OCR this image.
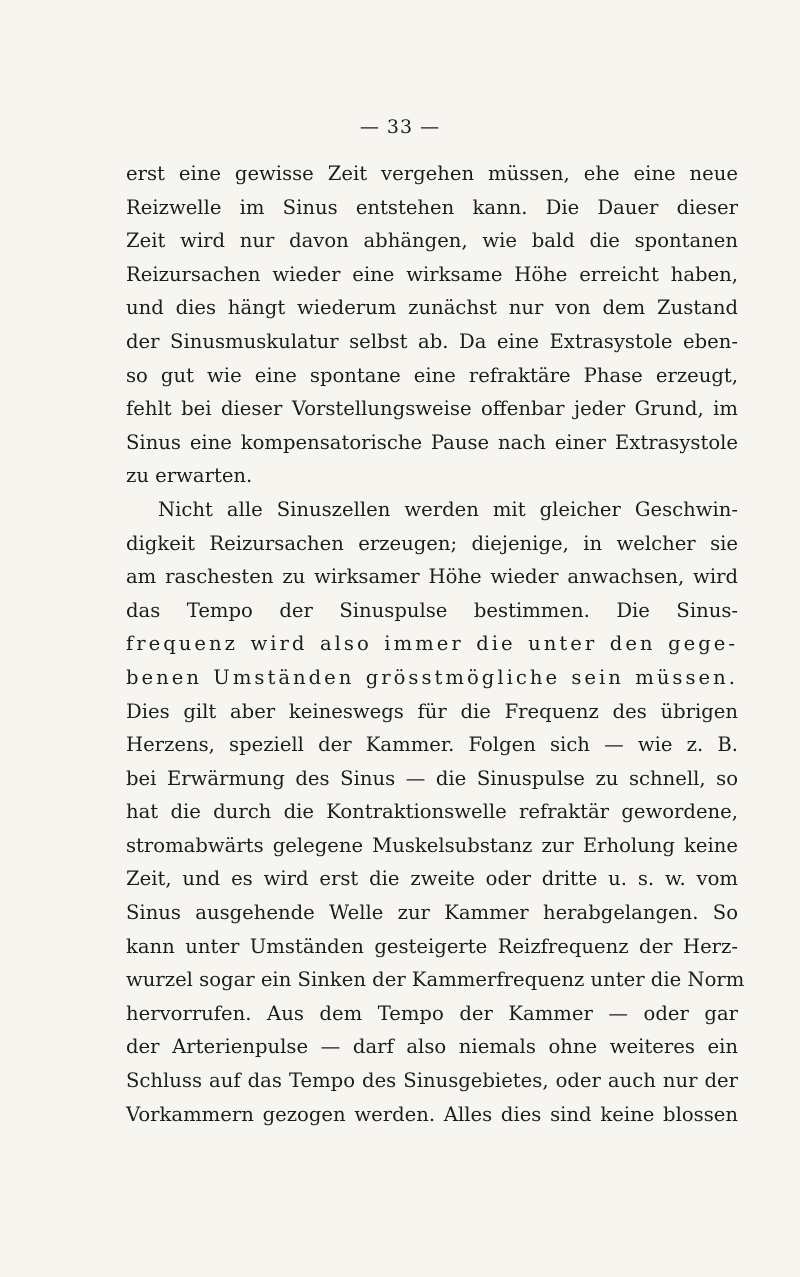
— 33 —
erst eine gewisse Zeit vergehen müssen, ehe eine neue
Reizwelle im Sinus entstehen kann. Die Dauer dieser
Zeit wird nur davon abhängen, wie bald die spontanen
Reizursachen wieder eine wirksame Höhe erreicht haben,
und dies hängt wiederum zunächst nur von dem Zustand
der Sinusmuskulatur selbst ab. Da eine Extrasystole eben-
so gut wie eine spontane eine refraktäre Phase erzeugt,
fehlt bei dieser Vorstellungsweise offenbar jeder Grund, im
Sinus eine kompensatorische Pause nach einer Extrasystole
zu erwarten.
Nicht alle Sinuszellen werden mit gleicher Geschwin-
digkeit Reizursachen erzeugen; diejenige, in welcher sie
am raschesten zu wirksamer Höhe wieder anwachsen, wird
das Tempo der Sinuspulse bestimmen. Die Sinus-
frequenz wird also immer die unter den gege-
benen Umständen grösstmögliche sein müssen.
Dies gilt aber keineswegs für die Frequenz des übrigen
Herzens, speziell der Kammer. Folgen sich — wie z. B.
bei Erwärmung des Sinus — die Sinuspulse zu schnell, so
hat die durch die Kontraktionswelle refraktär gewordene,
stromabwärts gelegene Muskelsubstanz zur Erholung keine
Zeit, und es wird erst die zweite oder dritte u. s. w. vom
Sinus ausgehende Welle zur Kammer herabgelangen. So
kann unter Umständen gesteigerte Reizfrequenz der Herz-
wurzel sogar ein Sinken der Kammerfrequenz unter die Norm
hervorrufen. Aus dem Tempo der Kammer — oder gar
der Arterienpulse — darf also niemals ohne weiteres ein
Schluss auf das Tempo des Sinusgebietes, oder auch nur der
Vorkammern gezogen werden. Alles dies sind keine blossen
